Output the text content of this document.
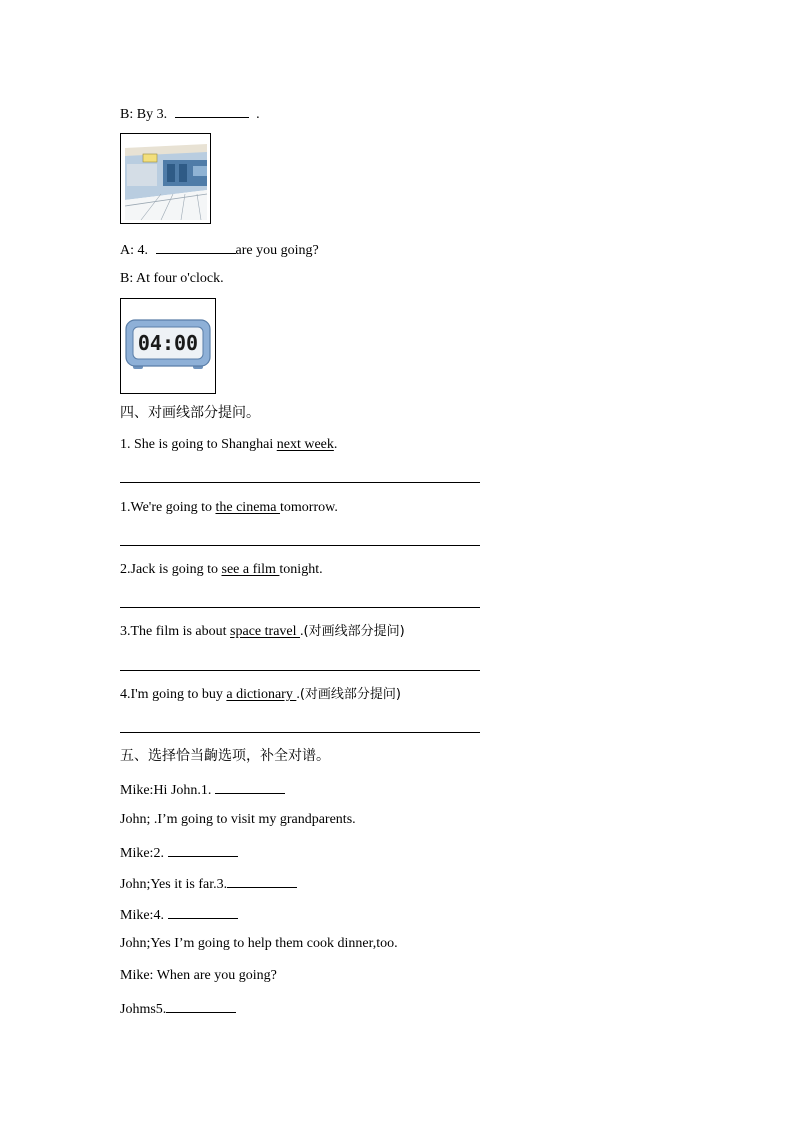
B: By 3.	.
A: 4.	are you going?
B: At four o'clock.
04:00
四、对画线部分提问。
1. She is going to Shanghai next week.
1.We're going to the cinema tomorrow.
2.Jack is going to see a film tonight.
3.The film is about space travel .(对画线部分提问)
4.I'm going to buy a dictionary .(对画线部分提问)
五、选择恰当齣选项，补全对谱。
Mike:Hi John.1.
John; .I’m going to visit my grandparents.
Mike:2.
John;Yes it is far.3.
Mike:4.
John;Yes I’m going to help them cook dinner,too.
Mike: When are you going?
Johms5.
